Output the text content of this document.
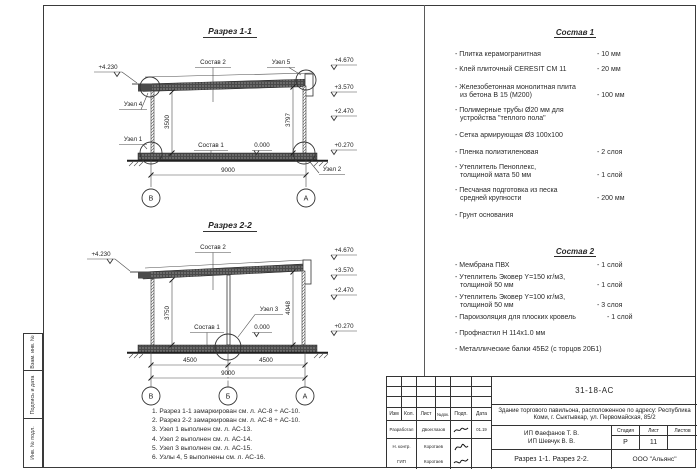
Взам. инв. №
Подпись и дата
Инв. № подл.
Разрез 1-1
3500	3797
9000
В	А
Состав 2	Узел 5
Узел 4
Узел 1
Состав 1	0.000
Узел 2
+4.230
+4.670
+3.570
+2.470
+0.270
Разрез 2-2
3750	4048
4500	4500
9000
В	Б	А
Состав 2
Состав 1
Узел 3
0.000
+4.230
+4.670
+3.570
+2.470
+0.270
1. Разрез 1-1 замаркирован см. л. АС-8 ÷ АС-10.
2. Разрез 2-2 замаркирован см. л. АС-8 ÷ АС-10.
3. Узел 1 выполнен см. л. АС-13.
4. Узел 2 выполнен см. л. АС-14.
5. Узел 3 выполнен см. л. АС-15.
6. Узлы 4, 5 выполнены см. л. АС-16.
Состав 1
- Плитка керамогранитная	- 10 мм
- Клей плиточный CERESIT CM 11	- 20 мм
- Железобетонная монолитная плита
из бетона В 15 (М200)	- 100 мм
- Полимерные трубы Ø20 мм для
устройства "теплого пола"
- Сетка армирующая Ø3 100х100
- Пленка полиэтиленовая	- 2 слоя
- Утеплитель Пеноплекс,
толщиной мата 50 мм	- 1 слой
- Песчаная подготовка из песка
средней крупности	- 200 мм
- Грунт основания
Состав 2
- Мембрана ПВХ	- 1 слой
- Утеплитель Эковер Y=150 кг/м3,
толщиной 50 мм	- 1 слой
- Утеплитель Эковер Y=100 кг/м3,
толщиной 50 мм	- 3 слоя
- Пароизоляция для плоских кровель	- 1 слой
- Профнастил Н 114х1.0 мм
- Металлические балки 45Б2 (с торцов 20Б1)
Изм	Кол.	Лист	№док.	Подп.	Дата
Разработал	Двоеглазов	01.19
Н. контр.	Коротаев
ГИП	Коротаев
31-18-АС
Здание торгового павильона, расположенное по адресу: Республика Коми, г. Сыктывкар, ул. Первомайская, 85/2
ИП Фаефанов Т. В.
ИП Шевчук В. В.
Стадия	Лист	Листов
Р	11
Разрез 1-1. Разрез 2-2.	ООО "Альянс"
